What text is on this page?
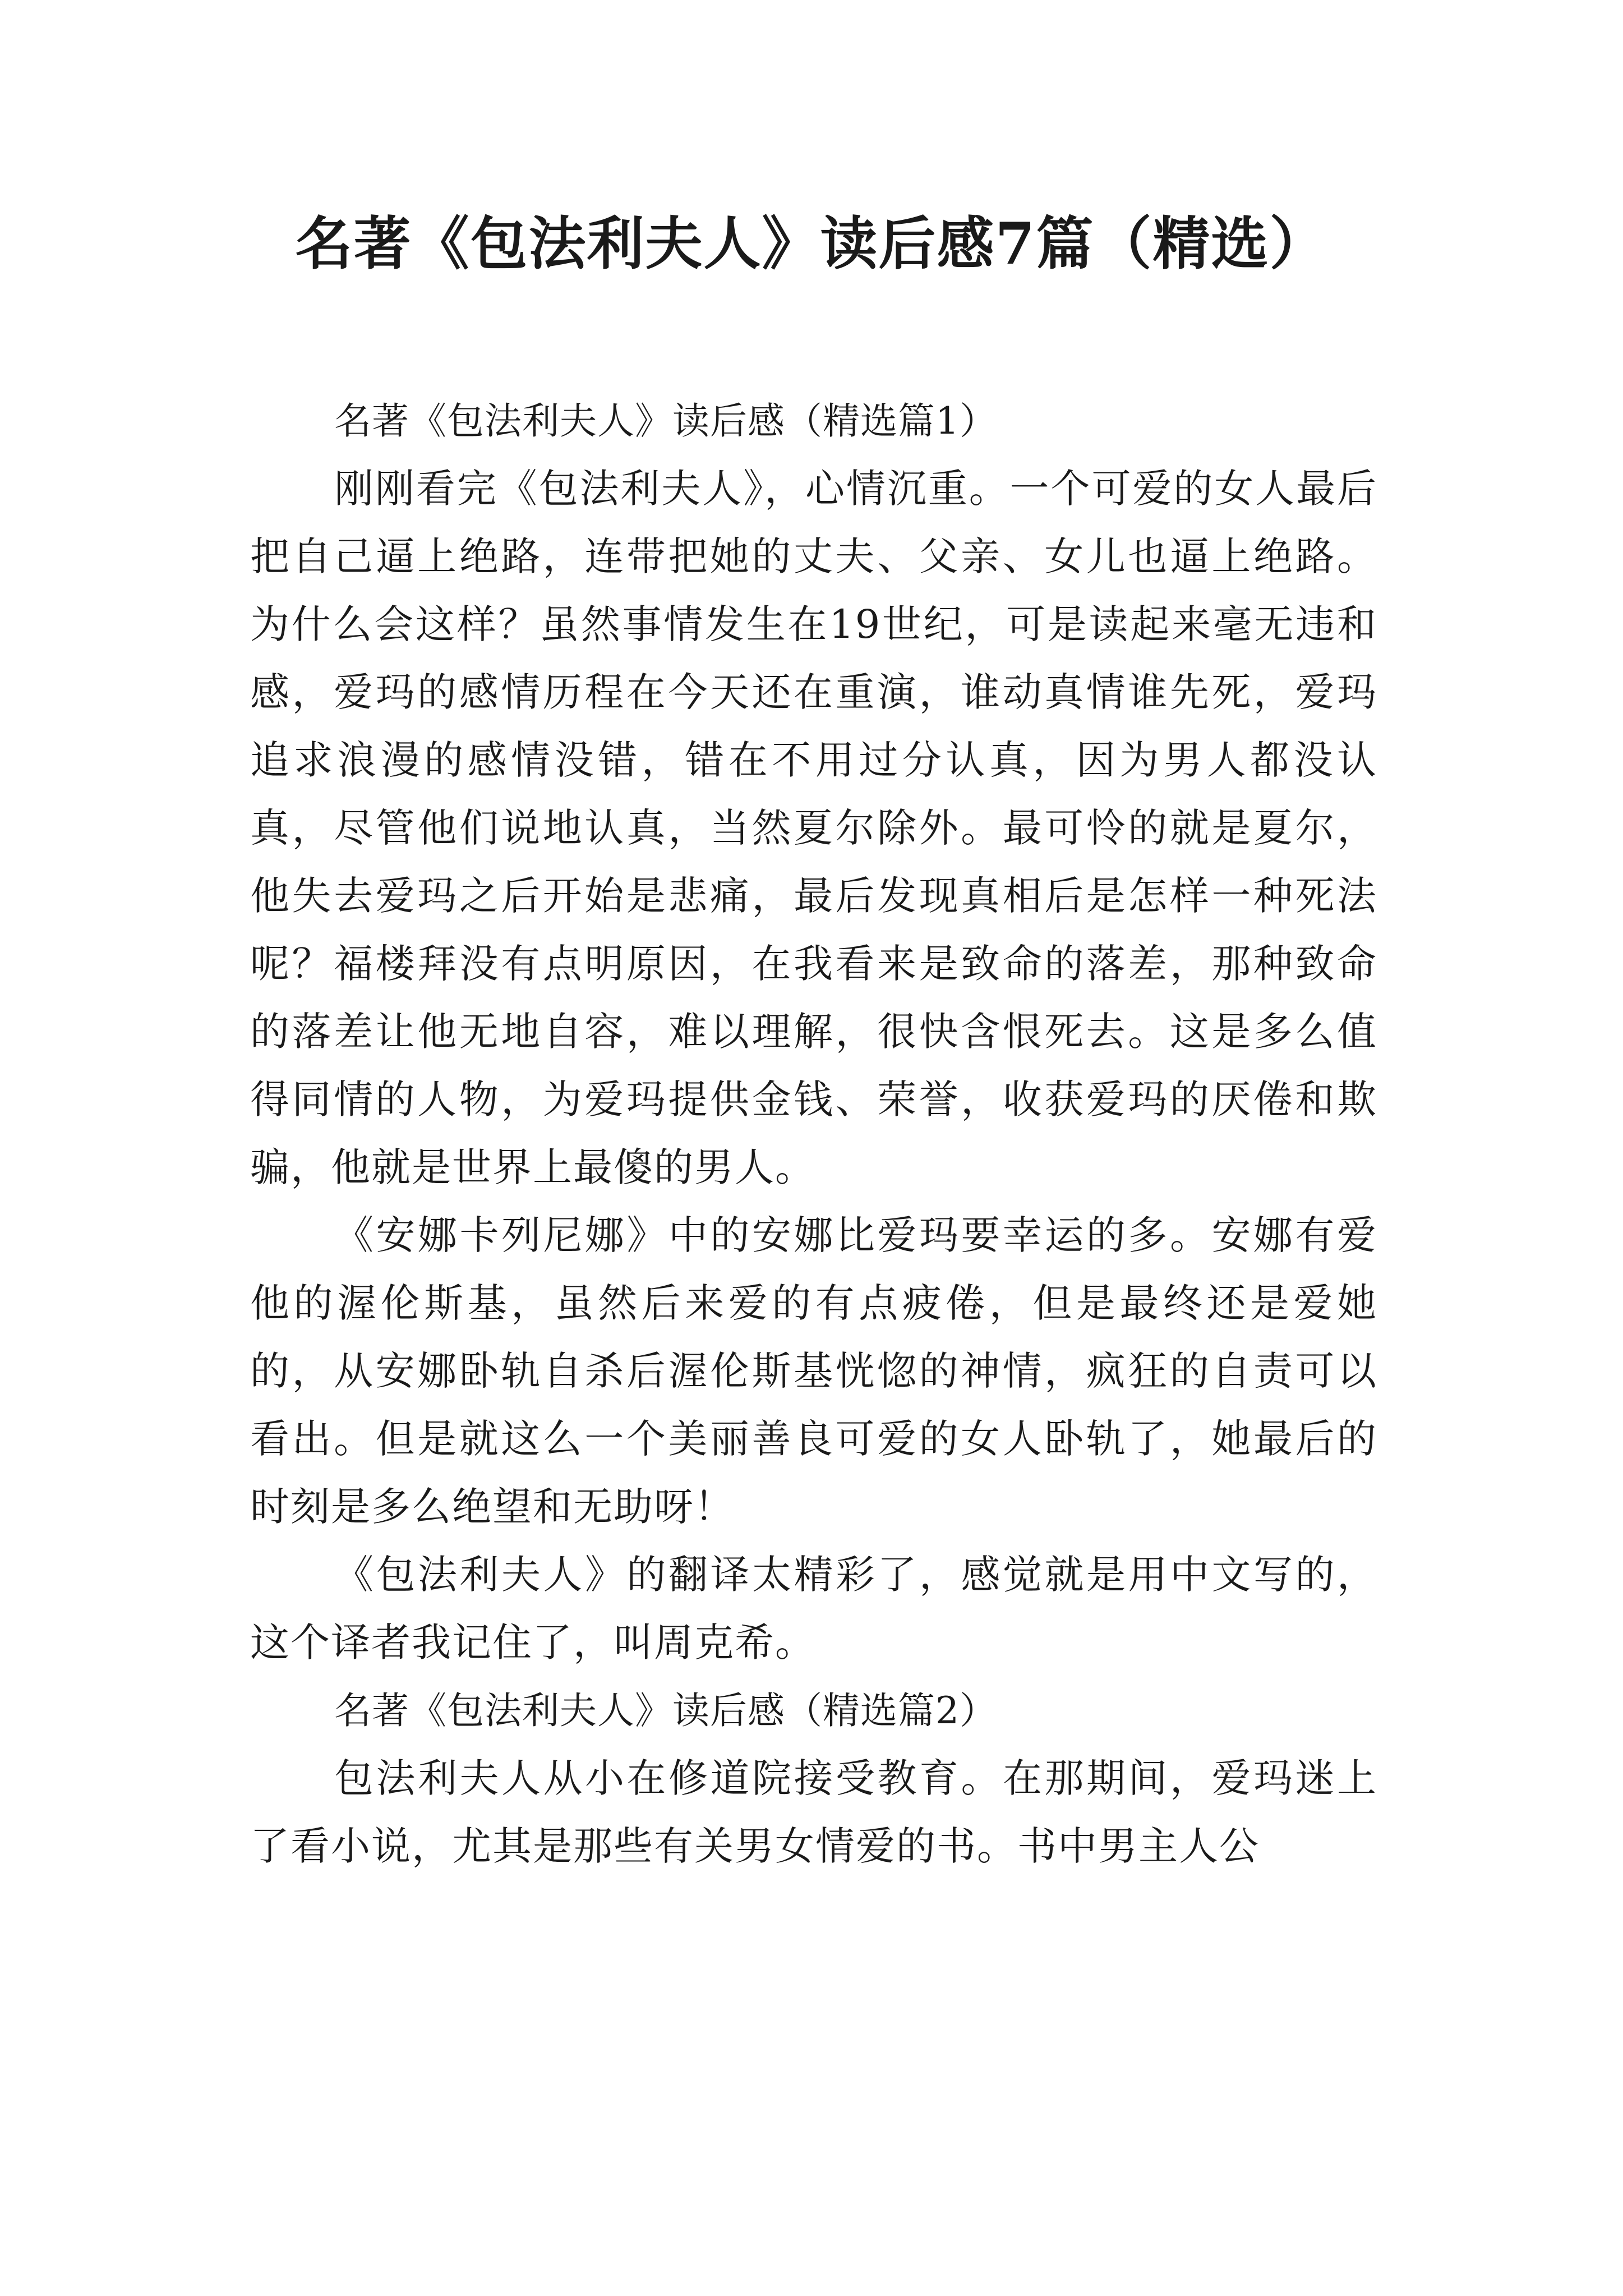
名著《包法利夫人》读后感7篇（精选）

名著《包法利夫人》读后感（精选篇1）

刚刚看完《包法利夫人》，心情沉重。一个可爱的女人最后把自己逼上绝路，连带把她的丈夫、父亲、女儿也逼上绝路。为什么会这样？虽然事情发生在19世纪，可是读起来毫无违和感，爱玛的感情历程在今天还在重演，谁动真情谁先死，爱玛追求浪漫的感情没错，错在不用过分认真，因为男人都没认真，尽管他们说地认真，当然夏尔除外。最可怜的就是夏尔，他失去爱玛之后开始是悲痛，最后发现真相后是怎样一种死法呢？福楼拜没有点明原因，在我看来是致命的落差，那种致命的落差让他无地自容，难以理解，很快含恨死去。这是多么值得同情的人物，为爱玛提供金钱、荣誉，收获爱玛的厌倦和欺骗，他就是世界上最傻的男人。

《安娜卡列尼娜》中的安娜比爱玛要幸运的多。安娜有爱他的渥伦斯基，虽然后来爱的有点疲倦，但是最终还是爱她的，从安娜卧轨自杀后渥伦斯基恍惚的神情，疯狂的自责可以看出。但是就这么一个美丽善良可爱的女人卧轨了，她最后的时刻是多么绝望和无助呀！

《包法利夫人》的翻译太精彩了，感觉就是用中文写的，这个译者我记住了，叫周克希。

名著《包法利夫人》读后感（精选篇2）

包法利夫人从小在修道院接受教育。在那期间，爱玛迷上了看小说，尤其是那些有关男女情爱的书。书中男主人公
